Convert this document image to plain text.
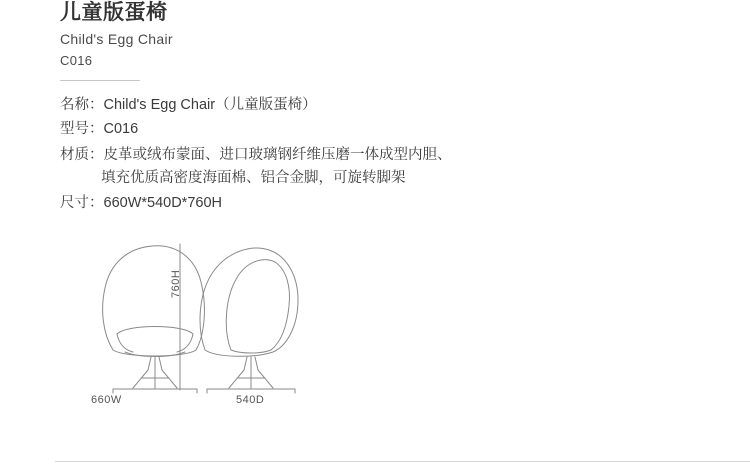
儿童版蛋椅
Child's Egg Chair
C016
名称：Child's Egg Chair（儿童版蛋椅）
型号：C016
材质：皮革或绒布蒙面、进口玻璃钢纤维压磨一体成型内胆、
填充优质高密度海面棉、铝合金脚，可旋转脚架
尺寸：660W*540D*760H
660W	540D
760H
